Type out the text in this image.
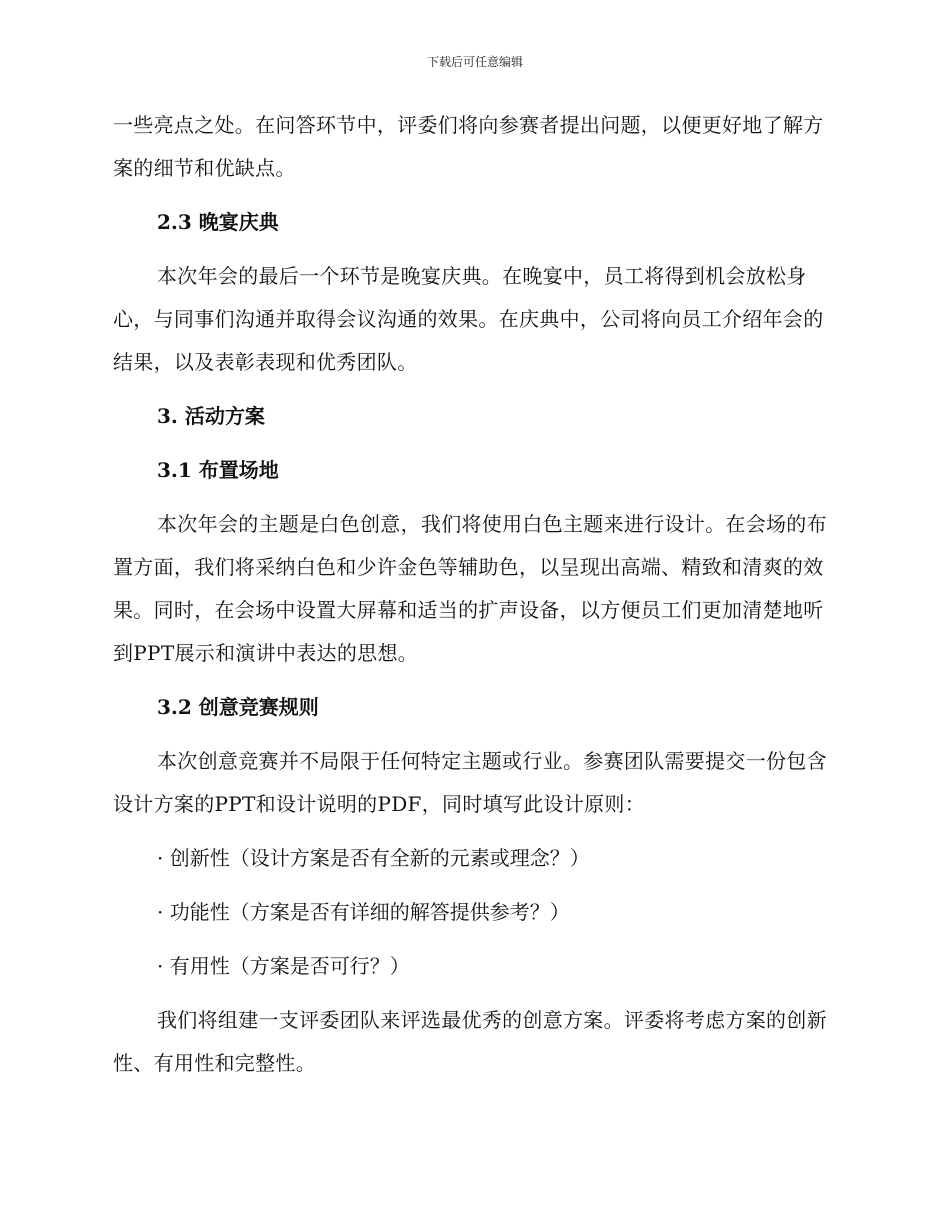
下载后可任意编辑

一些亮点之处。在问答环节中，评委们将向参赛者提出问题，以便更好地了解方案的细节和优缺点。

2.3 晚宴庆典

本次年会的最后一个环节是晚宴庆典。在晚宴中，员工将得到机会放松身心，与同事们沟通并取得会议沟通的效果。在庆典中，公司将向员工介绍年会的结果，以及表彰表现和优秀团队。

3. 活动方案

3.1 布置场地

本次年会的主题是白色创意，我们将使用白色主题来进行设计。在会场的布置方面，我们将采纳白色和少许金色等辅助色，以呈现出高端、精致和清爽的效果。同时，在会场中设置大屏幕和适当的扩声设备，以方便员工们更加清楚地听到PPT展示和演讲中表达的思想。

3.2 创意竞赛规则

本次创意竞赛并不局限于任何特定主题或行业。参赛团队需要提交一份包含设计方案的PPT和设计说明的PDF，同时填写此设计原则：

· 创新性（设计方案是否有全新的元素或理念？）

· 功能性（方案是否有详细的解答提供参考？）

· 有用性（方案是否可行？）

我们将组建一支评委团队来评选最优秀的创意方案。评委将考虑方案的创新性、有用性和完整性。
